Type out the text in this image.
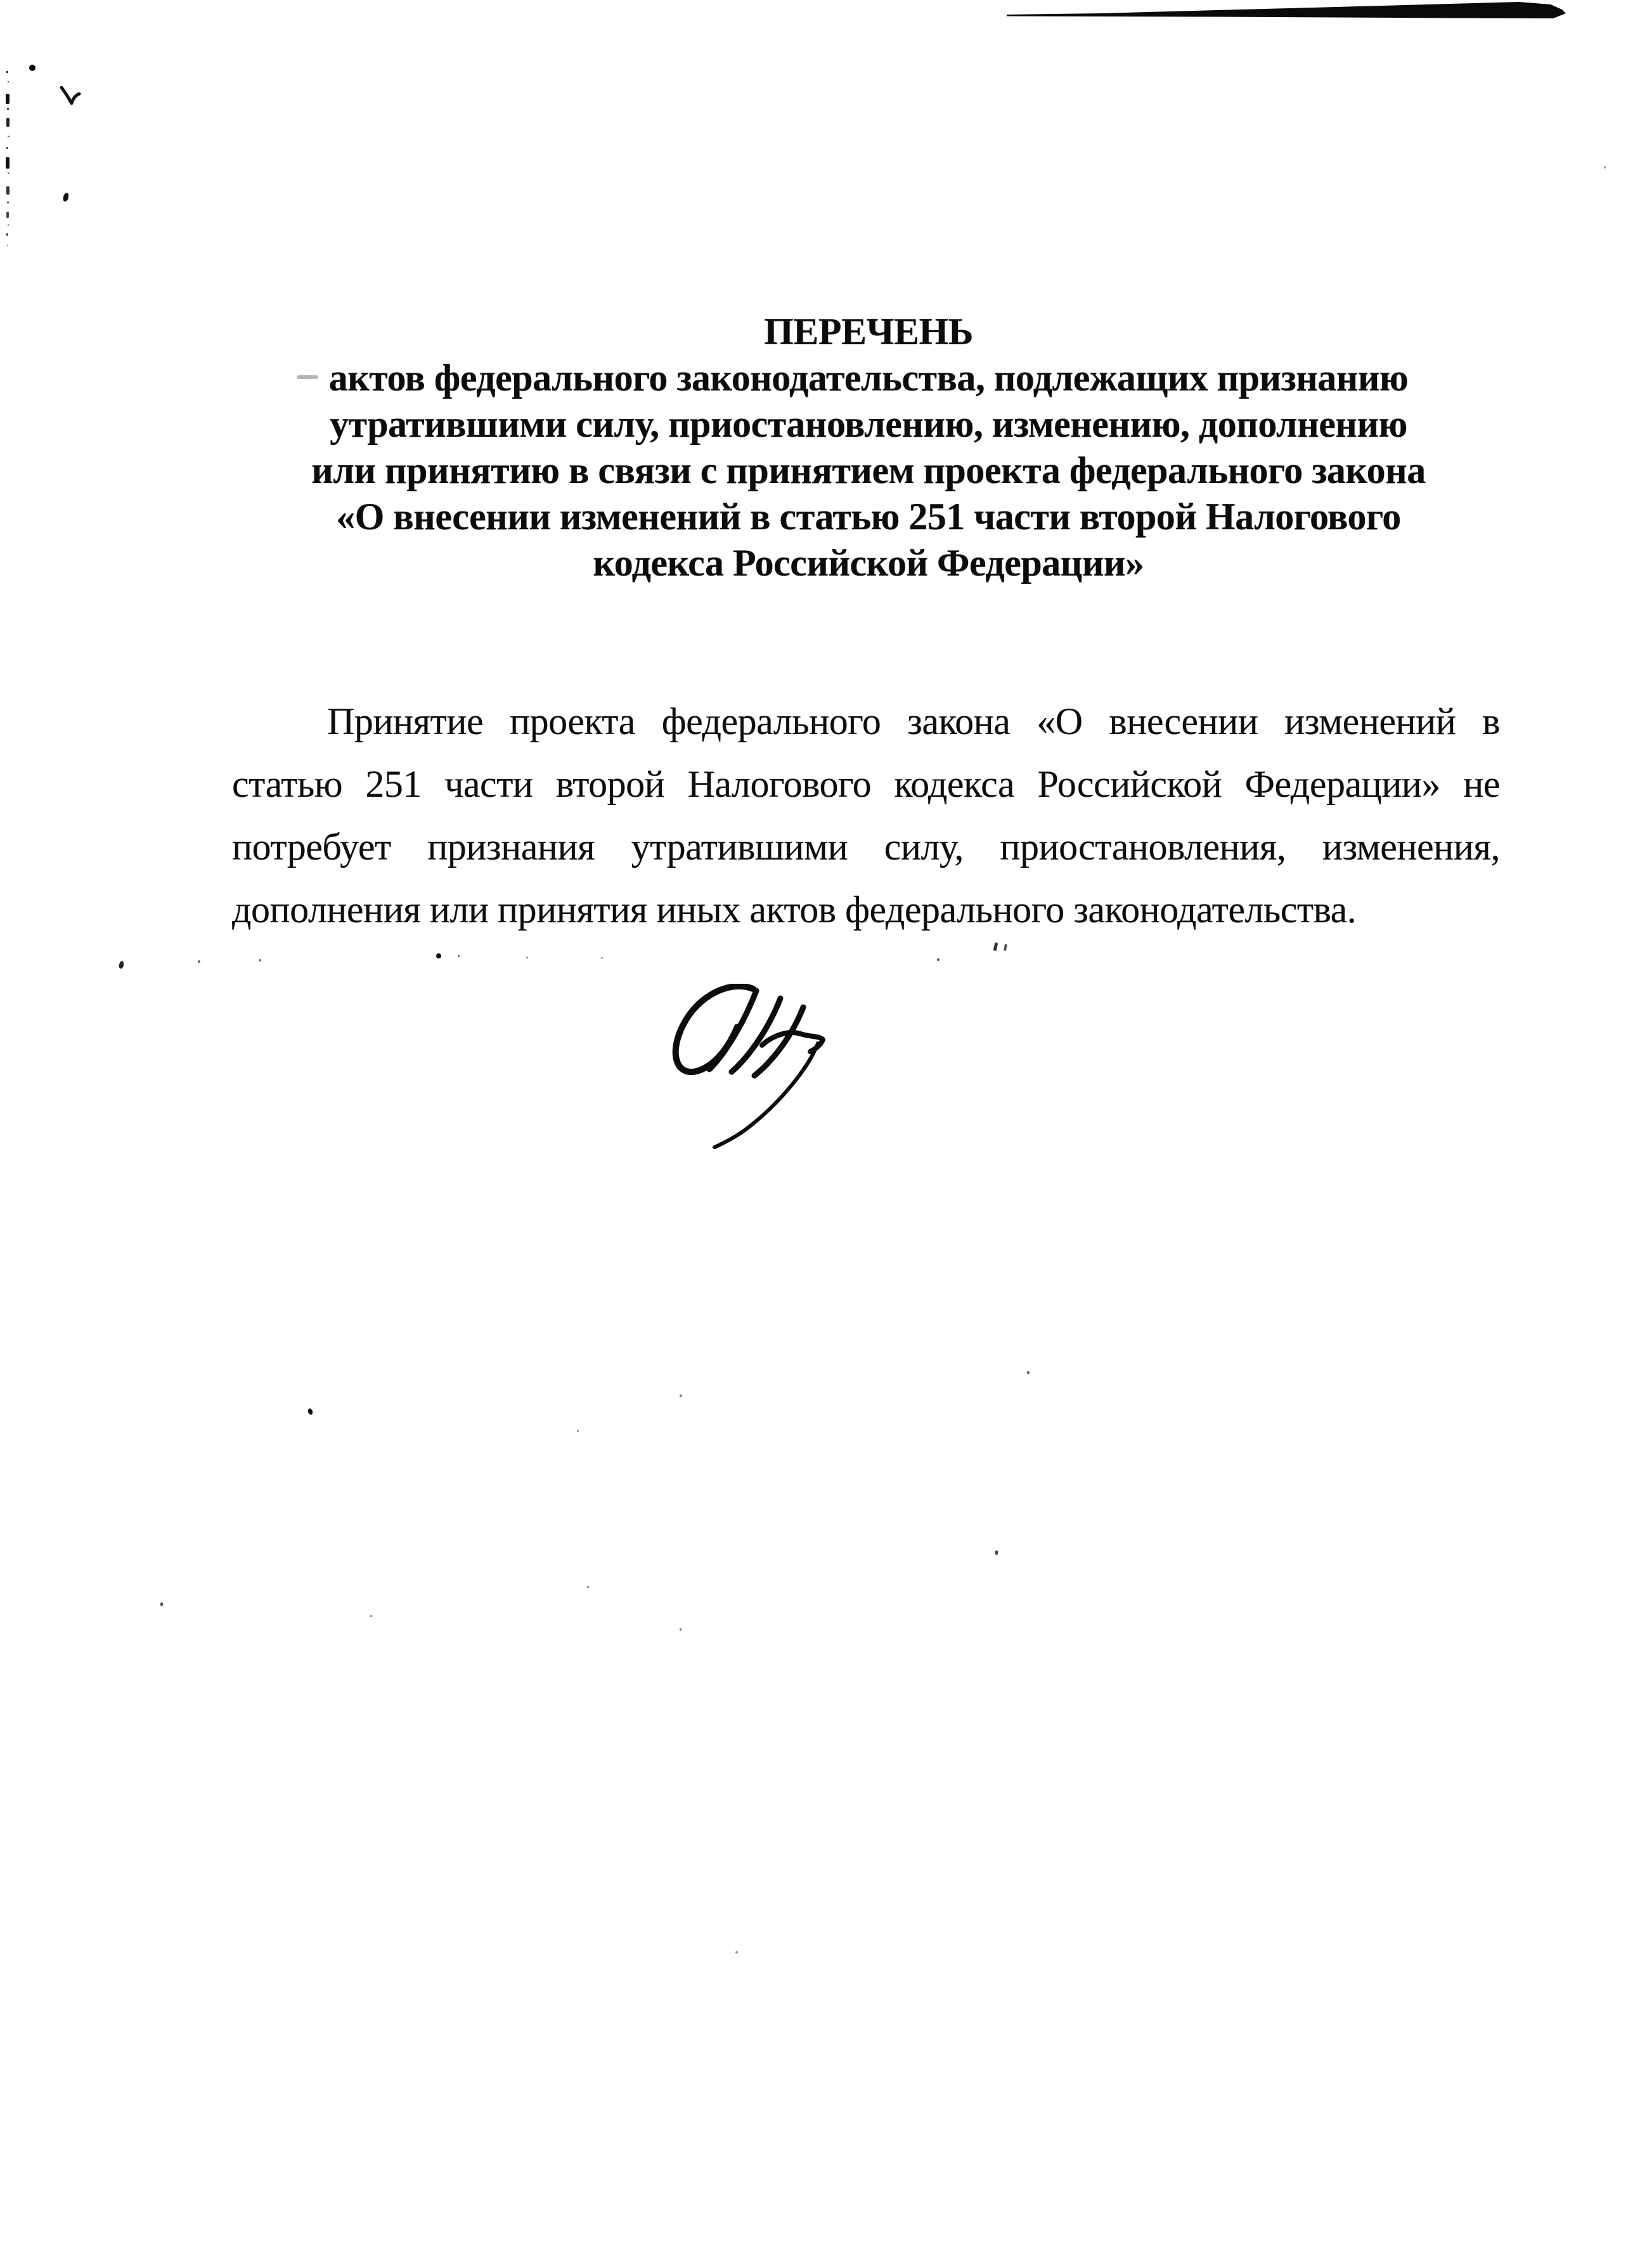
ПЕРЕЧЕНЬ
актов федерального законодательства, подлежащих признанию
утратившими силу, приостановлению, изменению, дополнению
или принятию в связи с принятием проекта федерального закона
«О внесении изменений в статью 251 части второй Налогового
кодекса Российской Федерации»
Принятие проекта федерального закона «О внесении изменений в
статью 251 части второй Налогового кодекса Российской Федерации» не
потребует признания утратившими силу, приостановления, изменения,
дополнения или принятия иных актов федерального законодательства.
